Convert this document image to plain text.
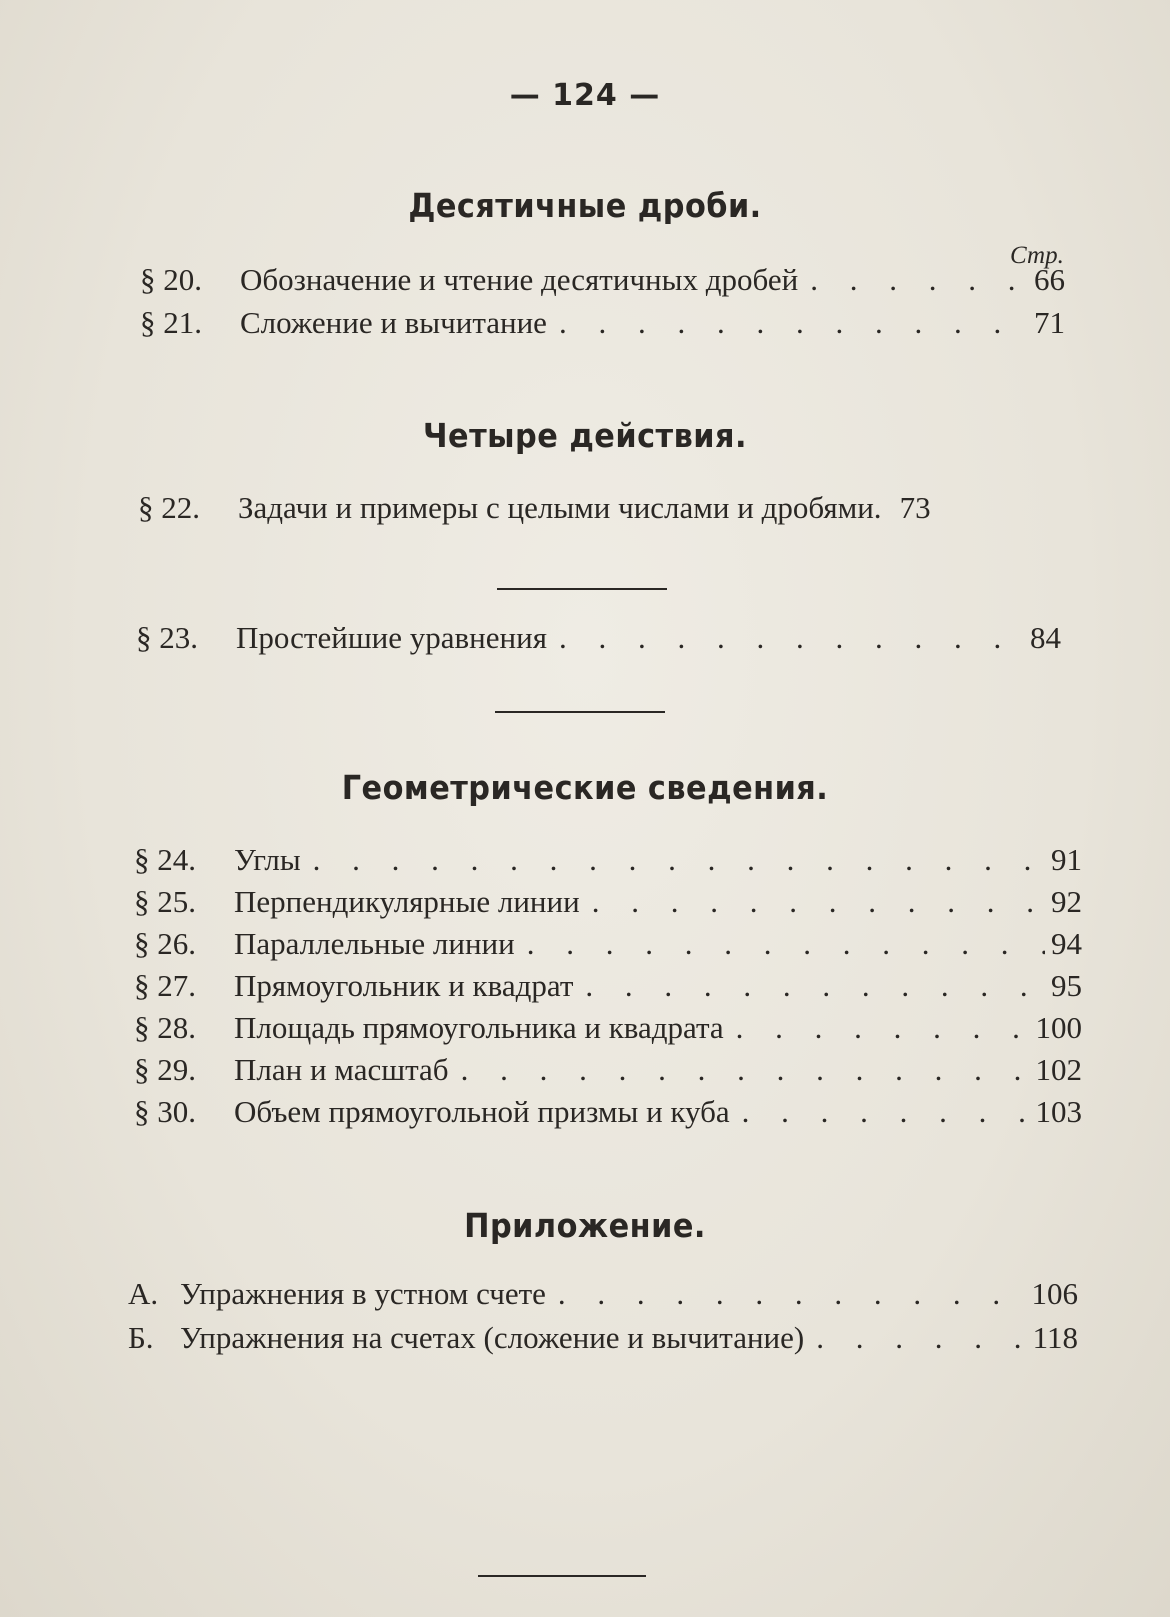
— 124 —
Десятичные дроби.
Стр.
§ 20.	Обозначение и чтение десятичных дробей . . .	66
§ 21.	Сложение и вычитание . . .	71
Четыре действия.
§ 22.	Задачи и примеры с целыми числами и дробями. 73
§ 23.	Простейшие уравнения . . .	84
Геометрические сведения.
§ 24.	Углы . . .	91
§ 25.	Перпендикулярные линии . . .	92
§ 26.	Параллельные линии . . .	94
§ 27.	Прямоугольник и квадрат . . .	95
§ 28.	Площадь прямоугольника и квадрата . . .	100
§ 29.	План и масштаб . . .	102
§ 30.	Объем прямоугольной призмы и куба . . .	103
Приложение.
А. Упражнения в устном счете . . .	106
Б. Упражнения на счетах (сложение и вычитание) . . .	118
